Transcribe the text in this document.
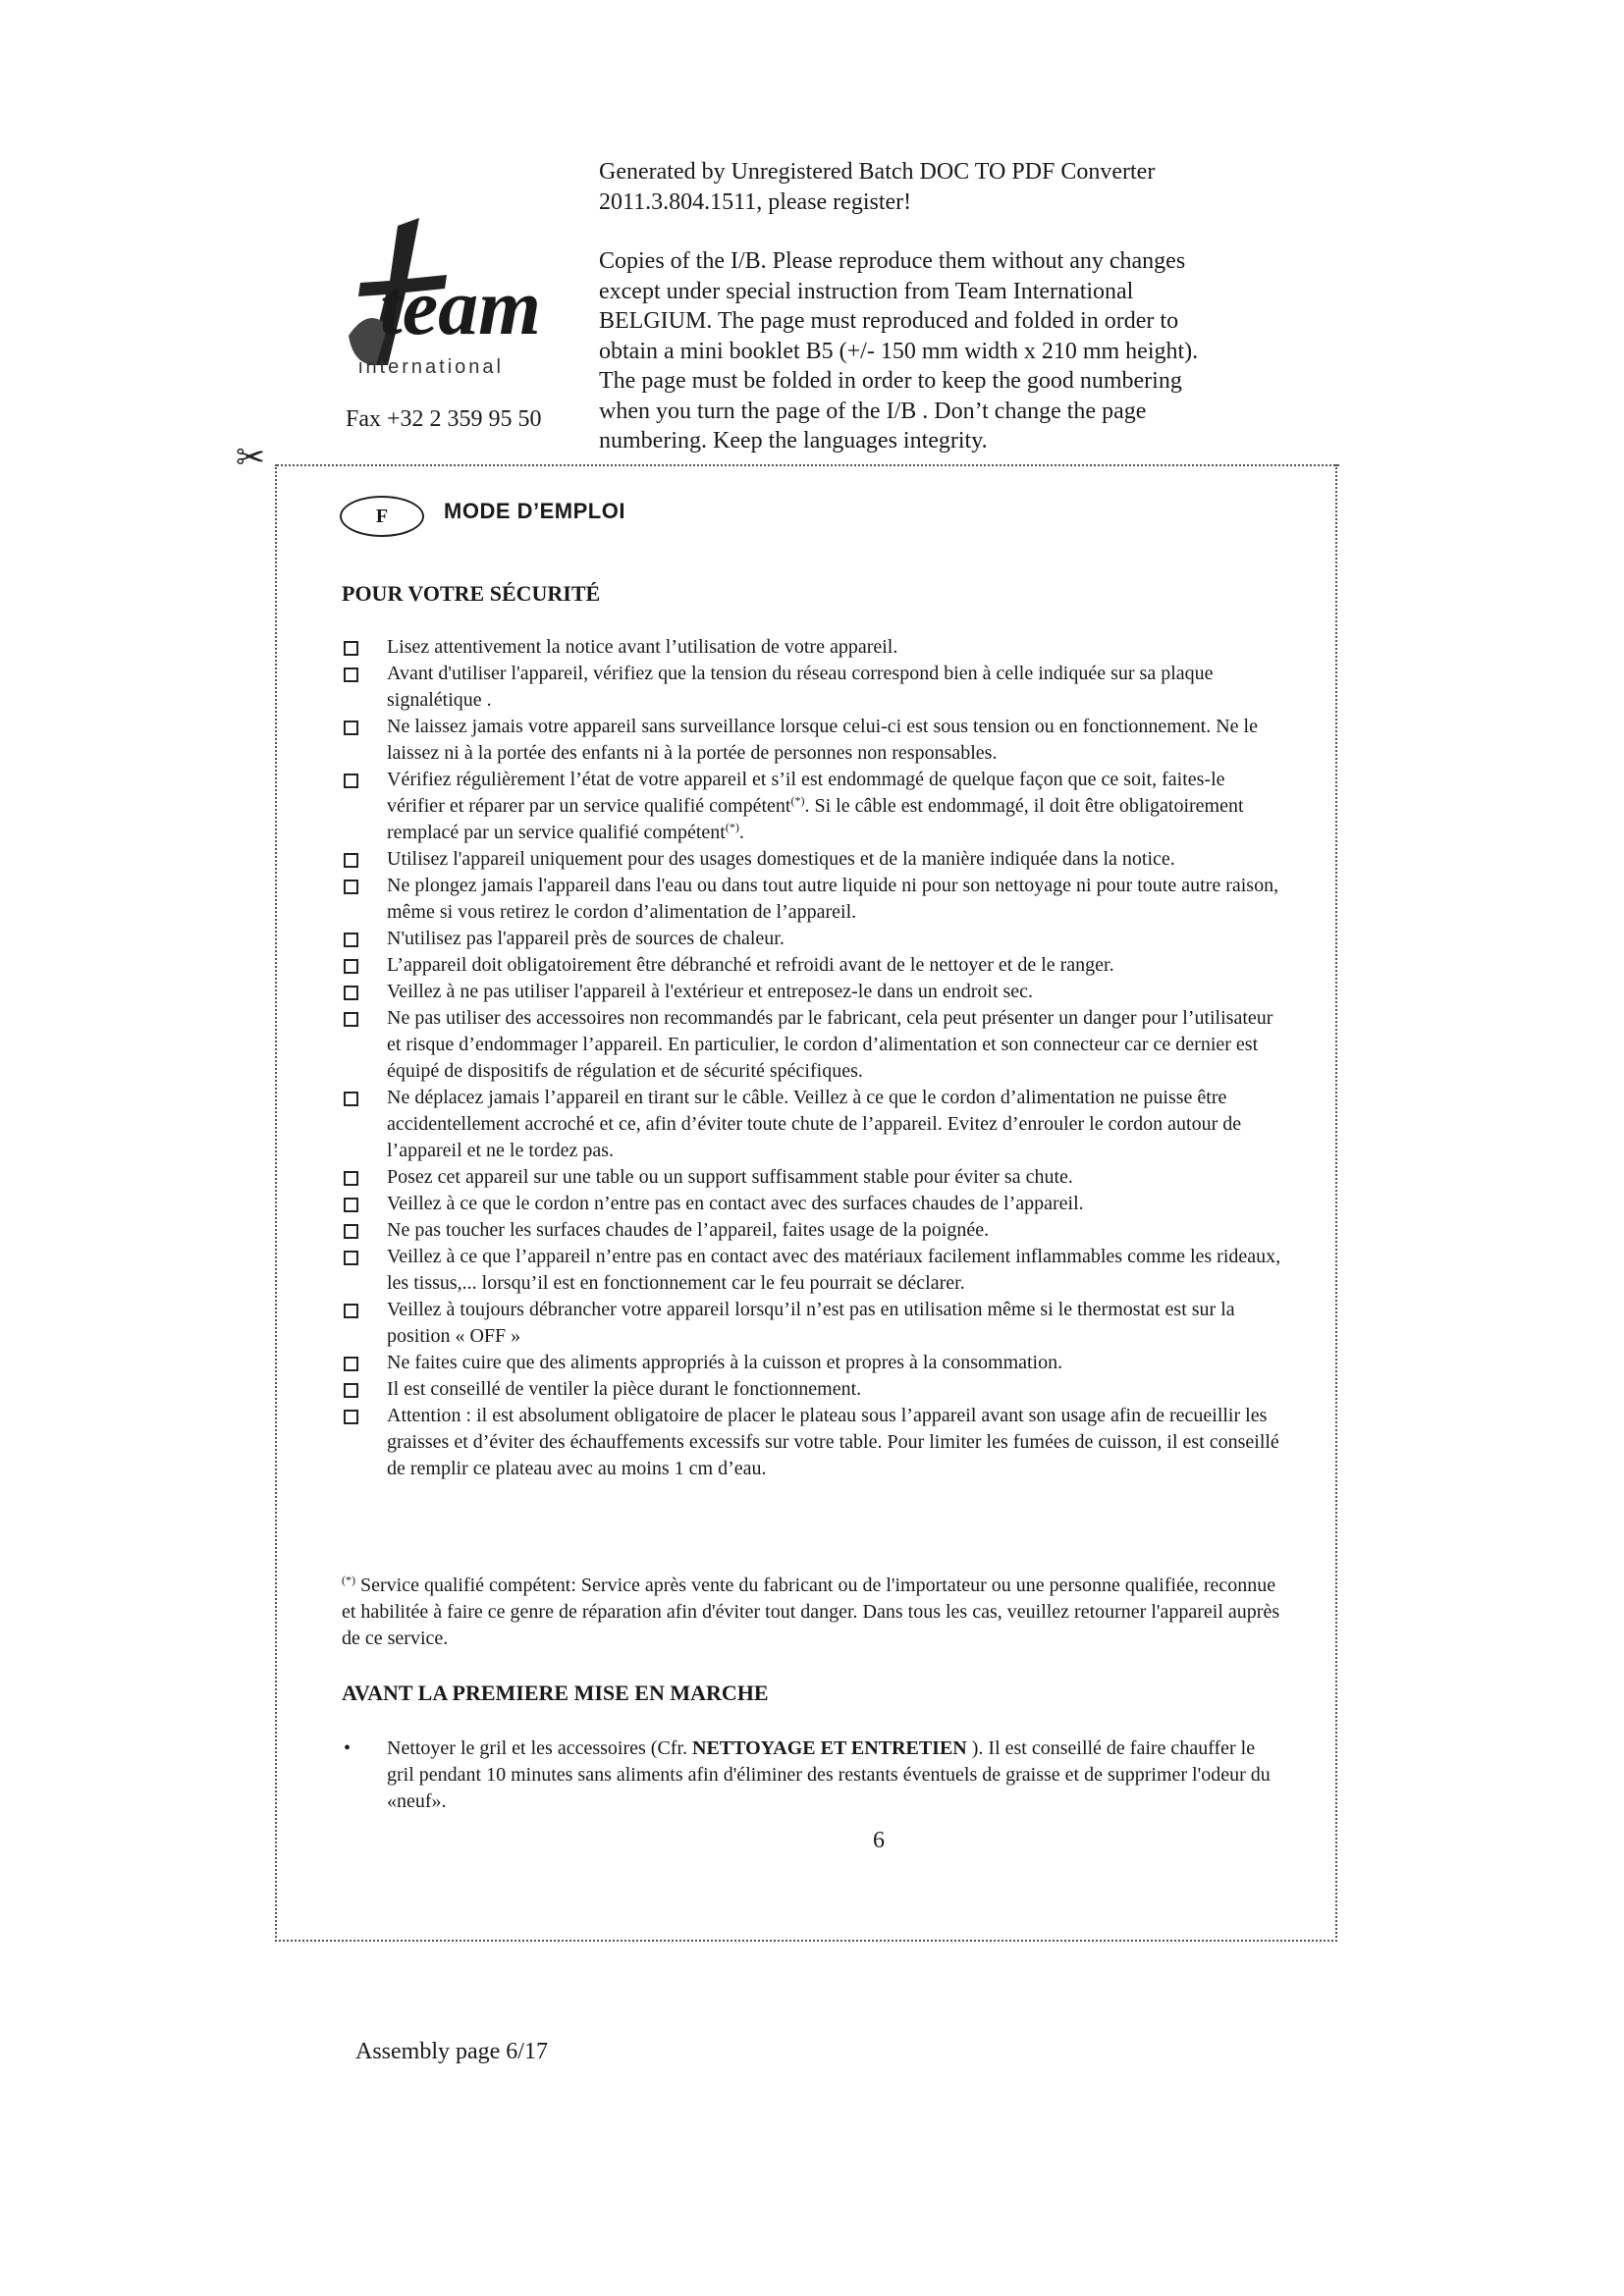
team
international
Fax +32 2 359 95 50

Generated by Unregistered Batch DOC TO PDF Converter
2011.3.804.1511, please register!

Copies of the I/B. Please reproduce them without any changes
except under special instruction from Team International
BELGIUM. The page must reproduced and folded in order to
obtain a mini booklet B5 (+/- 150 mm width x 210 mm height).
The page must be folded in order to keep the good numbering
when you turn the page of the I/B . Don’t change the page
numbering. Keep the languages integrity.

✂
F	MODE D’EMPLOI
POUR VOTRE SÉCURITÉ
Lisez attentivement la notice avant l’utilisation de votre appareil.
Avant d'utiliser l'appareil, vérifiez que la tension du réseau correspond bien à celle indiquée sur sa plaque signalétique .
Ne laissez jamais votre appareil sans surveillance lorsque celui-ci est sous tension ou en fonctionnement. Ne le laissez ni à la portée des enfants ni à la portée de personnes non responsables.
Vérifiez régulièrement l’état de votre appareil et s’il est endommagé de quelque façon que ce soit, faites-le vérifier et réparer par un service qualifié compétent(*). Si le câble est endommagé, il doit être obligatoirement remplacé par un service qualifié compétent(*).
Utilisez l'appareil uniquement pour des usages domestiques et de la manière indiquée dans la notice.
Ne plongez jamais l'appareil dans l'eau ou dans tout autre liquide ni pour son nettoyage ni pour toute autre raison, même si vous retirez le cordon d’alimentation de l’appareil.
N'utilisez pas l'appareil près de sources de chaleur.
L’appareil doit obligatoirement être débranché et refroidi avant de le nettoyer et de le ranger.
Veillez à ne pas utiliser l'appareil à l'extérieur et entreposez-le dans un endroit sec.
Ne pas utiliser des accessoires non recommandés par le fabricant, cela peut présenter un danger pour l’utilisateur et risque d’endommager l’appareil. En particulier, le cordon d’alimentation et son connecteur car ce dernier est équipé de dispositifs de régulation et de sécurité spécifiques.
Ne déplacez jamais l’appareil en tirant sur le câble. Veillez à ce que le cordon d’alimentation ne puisse être accidentellement accroché et ce, afin d’éviter toute chute de l’appareil. Evitez d’enrouler le cordon autour de l’appareil et ne le tordez pas.
Posez cet appareil sur une table ou un support suffisamment stable pour éviter sa chute.
Veillez à ce que le cordon n’entre pas en contact avec des surfaces chaudes de l’appareil.
Ne pas toucher les surfaces chaudes de l’appareil, faites usage de la poignée.
Veillez à ce que l’appareil n’entre pas en contact avec des matériaux facilement inflammables comme les rideaux, les tissus,... lorsqu’il est en fonctionnement car le feu pourrait se déclarer.
Veillez à toujours débrancher votre appareil lorsqu’il n’est pas en utilisation même si le thermostat est sur la position « OFF »
Ne faites cuire que des aliments appropriés à la cuisson et propres à la consommation.
Il est conseillé de ventiler la pièce durant le fonctionnement.
Attention : il est absolument obligatoire de placer le plateau sous l’appareil avant son usage afin de recueillir les graisses et d’éviter des échauffements excessifs sur votre table. Pour limiter les fumées de cuisson, il est conseillé de remplir ce plateau avec au moins 1 cm d’eau.
(*) Service qualifié compétent: Service après vente du fabricant ou de l'importateur ou une personne qualifiée, reconnue et habilitée à faire ce genre de réparation afin d'éviter tout danger. Dans tous les cas, veuillez retourner l'appareil auprès de ce service.
AVANT LA PREMIERE MISE EN MARCHE
• Nettoyer le gril et les accessoires (Cfr. NETTOYAGE ET ENTRETIEN ). Il est conseillé de faire chauffer le gril pendant 10 minutes sans aliments afin d'éliminer des restants éventuels de graisse et de supprimer l'odeur du «neuf».
6
Assembly page 6/17
